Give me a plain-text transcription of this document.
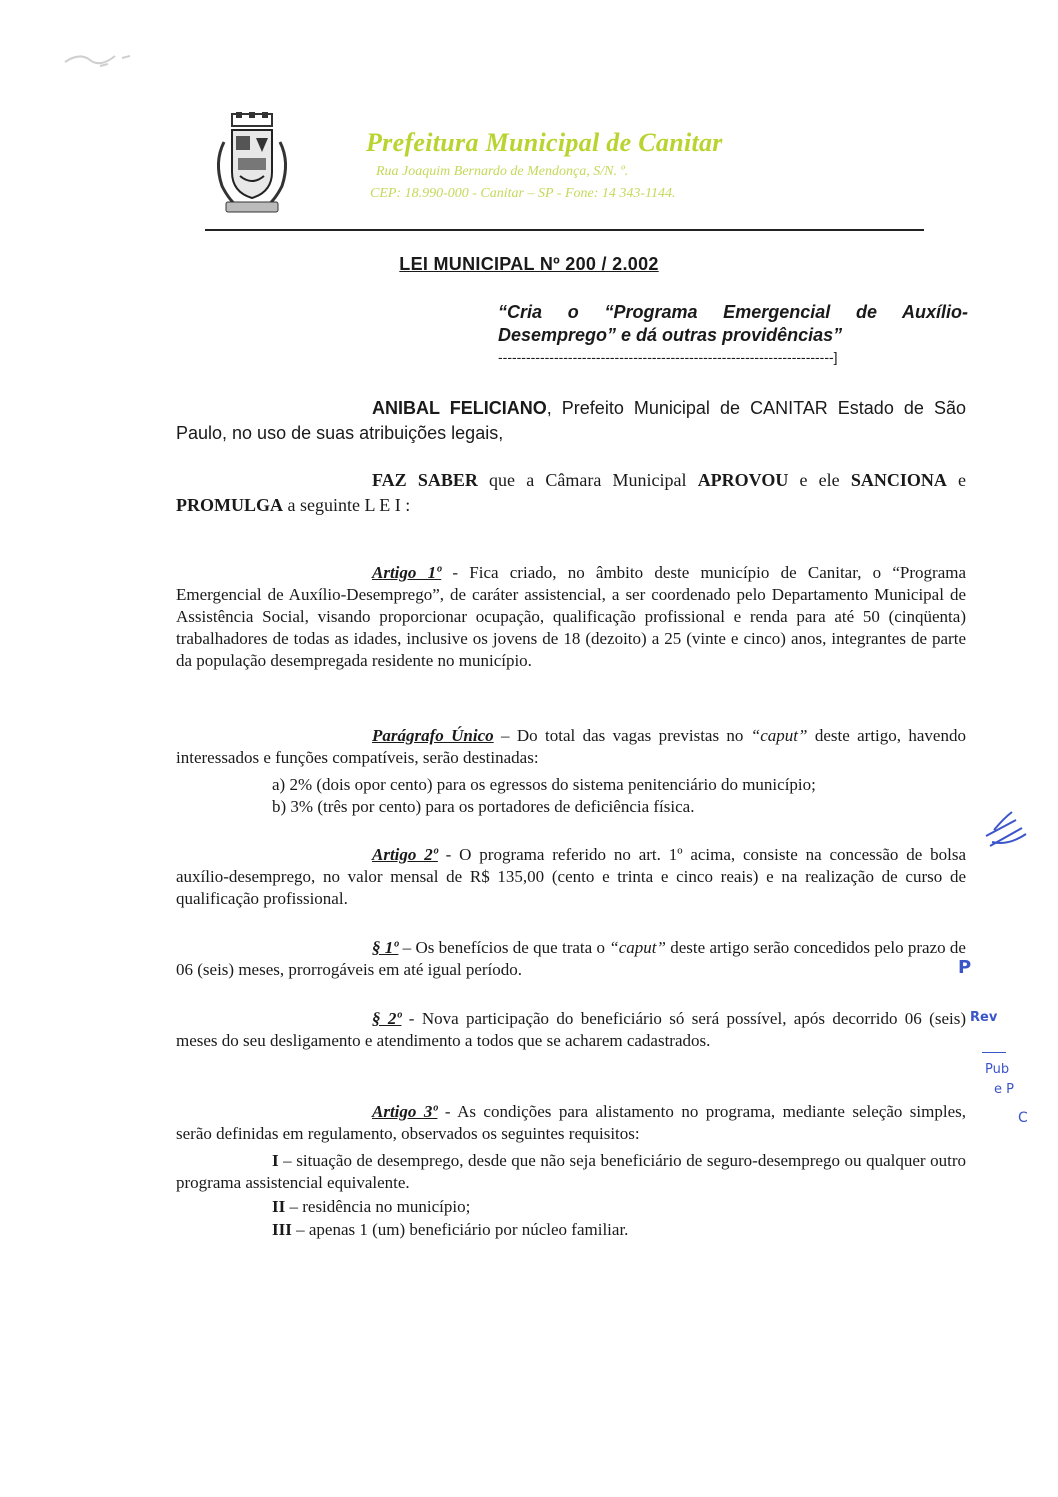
Prefeitura Municipal de Canitar
Rua Joaquim Bernardo de Mendonça, S/N. º.
CEP: 18.990-000 - Canitar – SP - Fone: 14 343-1144.
LEI MUNICIPAL Nº 200 / 2.002
“Cria o “Programa Emergencial de Auxílio-Desemprego” e dá outras providências”
------------------------------------------------------------------------]
ANIBAL FELICIANO, Prefeito Municipal de CANITAR Estado de São Paulo, no uso de suas atribuições legais,
FAZ SABER que a Câmara Municipal APROVOU e ele SANCIONA e PROMULGA a seguinte L E I :
Artigo 1º - Fica criado, no âmbito deste município de Canitar, o “Programa Emergencial de Auxílio-Desemprego”, de caráter assistencial, a ser coordenado pelo Departamento Municipal de Assistência Social, visando proporcionar ocupação, qualificação profissional e renda para até 50 (cinqüenta) trabalhadores de todas as idades, inclusive os jovens de 18 (dezoito) a 25 (vinte e cinco) anos, integrantes de parte da população desempregada residente no município.
Parágrafo Único – Do total das vagas previstas no “caput” deste artigo, havendo interessados e funções compatíveis, serão destinadas:
a) 2% (dois opor cento) para os egressos do sistema penitenciário do município;
b) 3% (três por cento) para os portadores de deficiência física.
Artigo 2º - O programa referido no art. 1º acima, consiste na concessão de bolsa auxílio-desemprego, no valor mensal de R$ 135,00 (cento e trinta e cinco reais) e na realização de curso de qualificação profissional.
§ 1º – Os benefícios de que trata o “caput” deste artigo serão concedidos pelo prazo de 06 (seis) meses, prorrogáveis em até igual período.
§ 2º - Nova participação do beneficiário só será possível, após decorrido 06 (seis) meses do seu desligamento e atendimento a todos que se acharem cadastrados.
Artigo 3º - As condições para alistamento no programa, mediante seleção simples, serão definidas em regulamento, observados os seguintes requisitos:
I – situação de desemprego, desde que não seja beneficiário de seguro-desemprego ou qualquer outro programa assistencial equivalente.
II – residência no município;
III – apenas 1 (um) beneficiário por núcleo familiar.
P
Rev
Pub
e P
C
